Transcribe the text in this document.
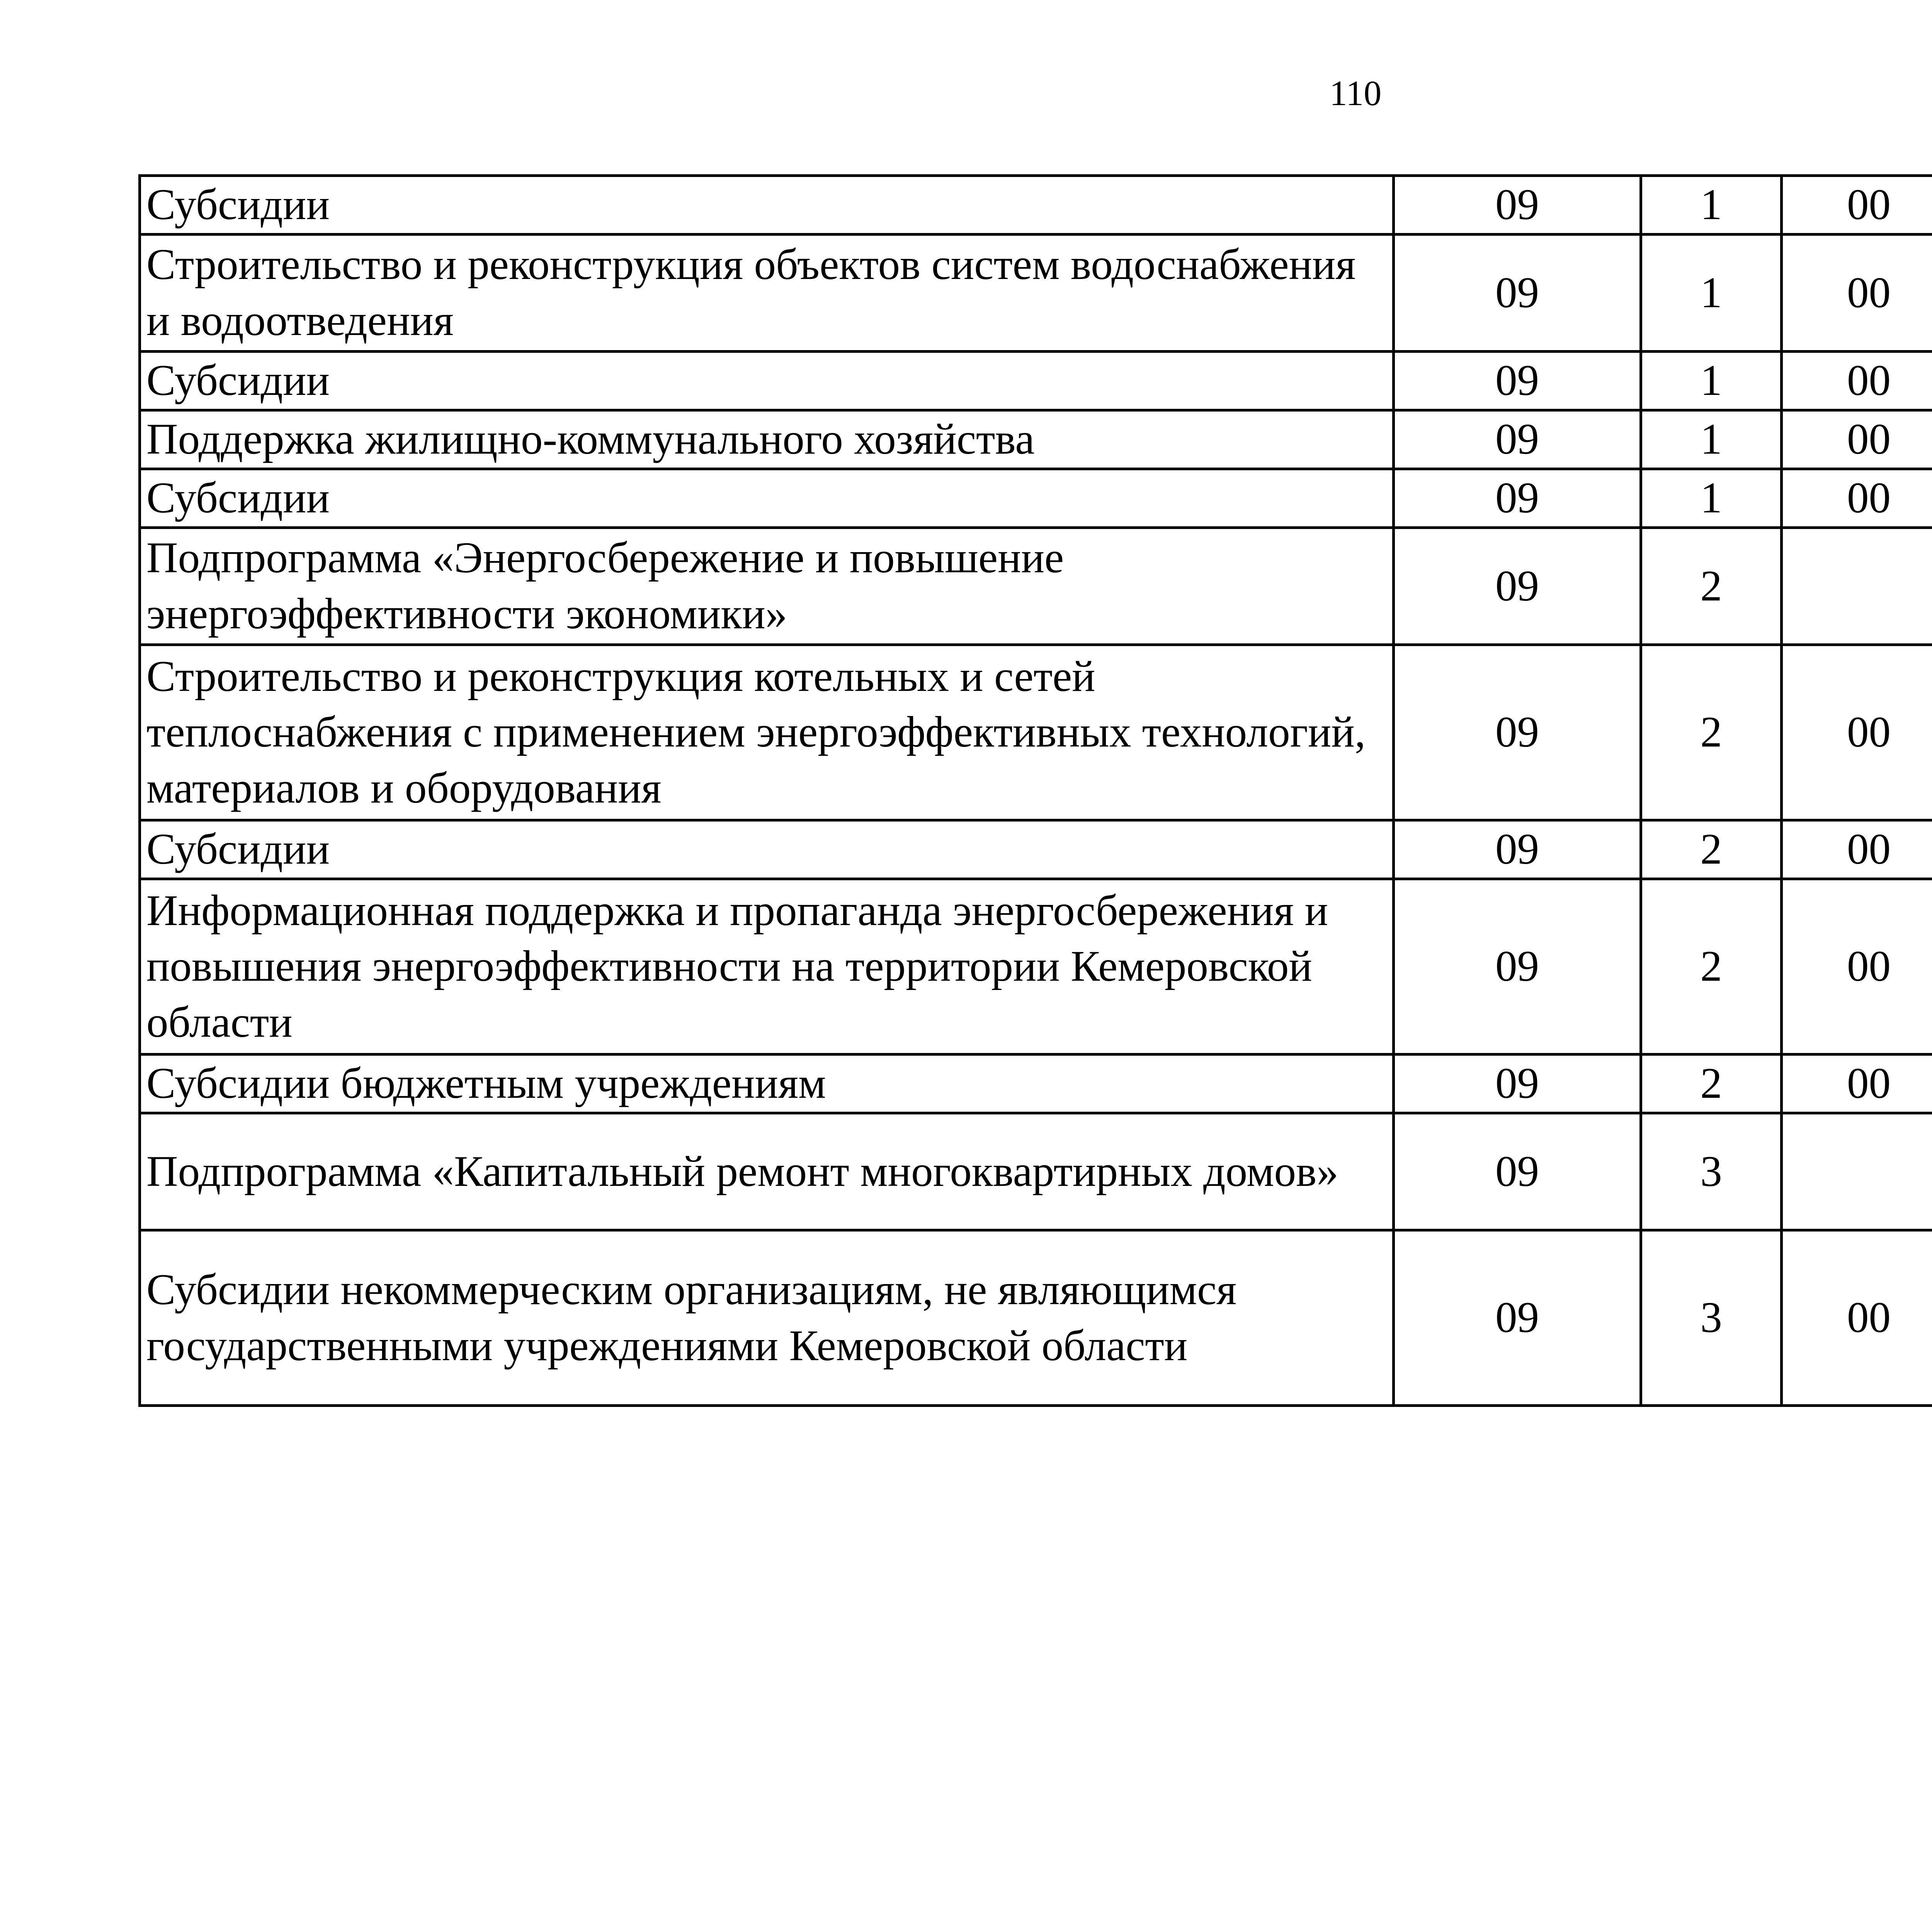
110
Субсидии	09	1	00			
Строительство и реконструкция объектов систем водоснабжения и водоотведения	09	1	00			
Субсидии	09	1	00			
Поддержка жилищно-коммунального хозяйства	09	1	00			
Субсидии	09	1	00			
Подпрограмма «Энергосбережение и повышение энергоэффективности экономики»	09	2				
Строительство и реконструкция котельных и сетей теплоснабжения с применением энергоэффективных технологий, материалов и оборудования	09	2	00			
Субсидии	09	2	00			
Информационная поддержка и пропаганда энергосбережения и повышения энергоэффективности на территории Кемеровской области	09	2	00			
Субсидии бюджетным учреждениям	09	2	00			
Подпрограмма «Капитальный ремонт многоквартирных домов»	09	3				
Субсидии некоммерческим организациям, не являющимся государственными учреждениями Кемеровской области	09	3	00			
